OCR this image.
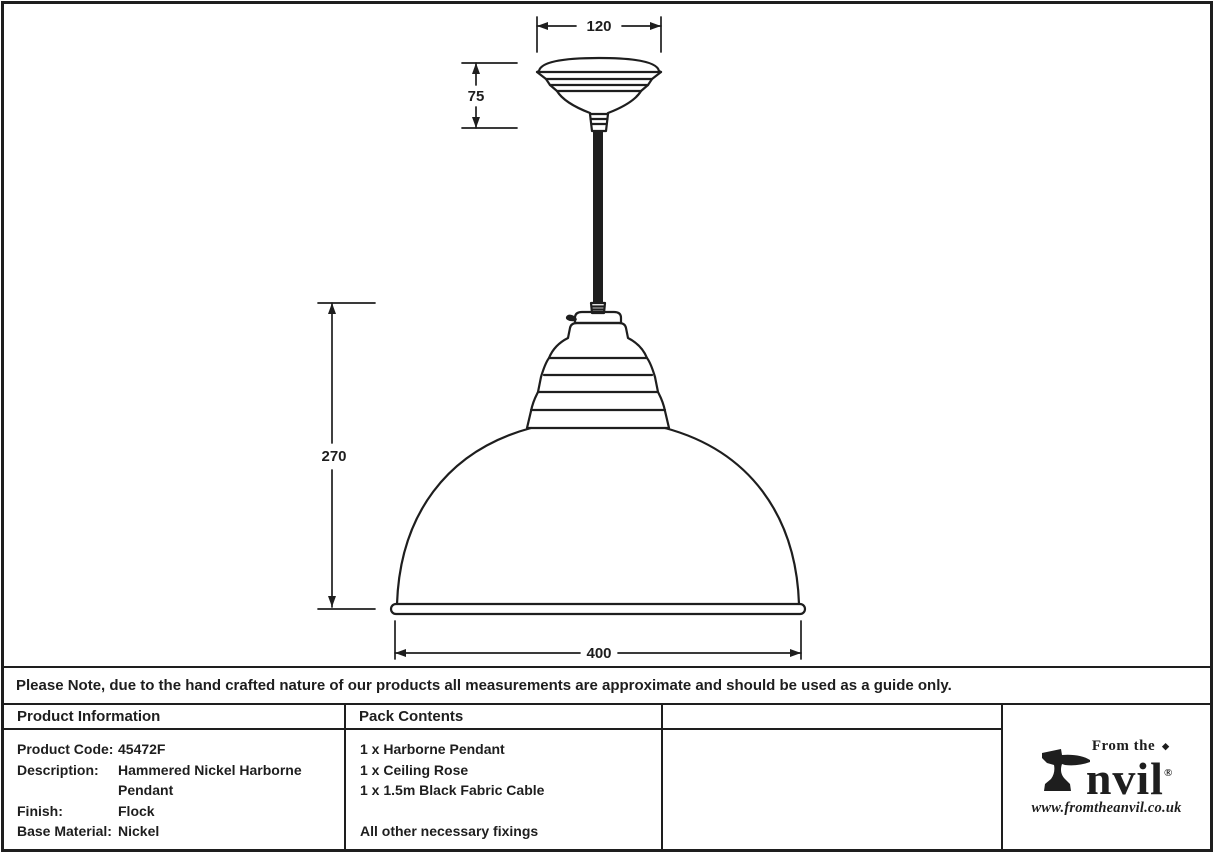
120
75
270
400
Please Note, due to the hand crafted nature of our products all measurements are approximate and should be used as a guide only.
Product Information	Pack Contents
Product Code: 45472F
Description:	Hammered Nickel Harborne Pendant
Finish:	Flock
Base Material: Nickel
1 x Harborne Pendant
1 x Ceiling Rose
1 x 1.5m Black Fabric Cable
All other necessary fixings
From the ◆
nvil®
www.fromtheanvil.co.uk
